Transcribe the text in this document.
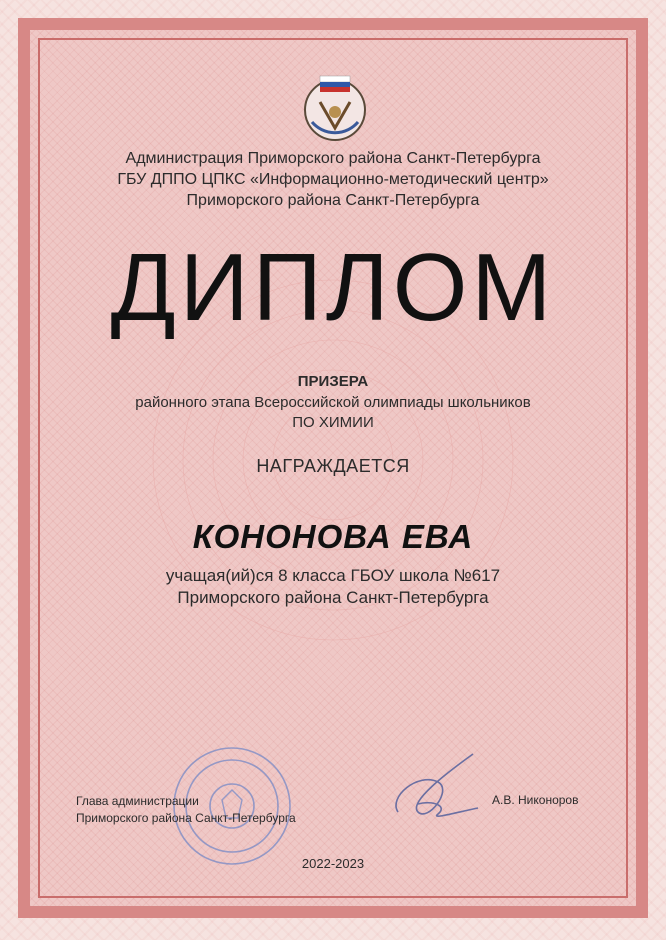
Администрация Приморского района Санкт-Петербурга
ГБУ ДППО ЦПКС «Информационно-методический центр»
Приморского района Санкт-Петербурга
ДИПЛОМ
ПРИЗЕРА
районного этапа Всероссийской олимпиады школьников
ПО ХИМИИ
НАГРАЖДАЕТСЯ
КОНОНОВА ЕВА
учащая(ий)ся 8 класса ГБОУ школа №617
Приморского района Санкт-Петербурга
Глава администрации
Приморского района Санкт-Петербурга
А.В. Никоноров
2022-2023
